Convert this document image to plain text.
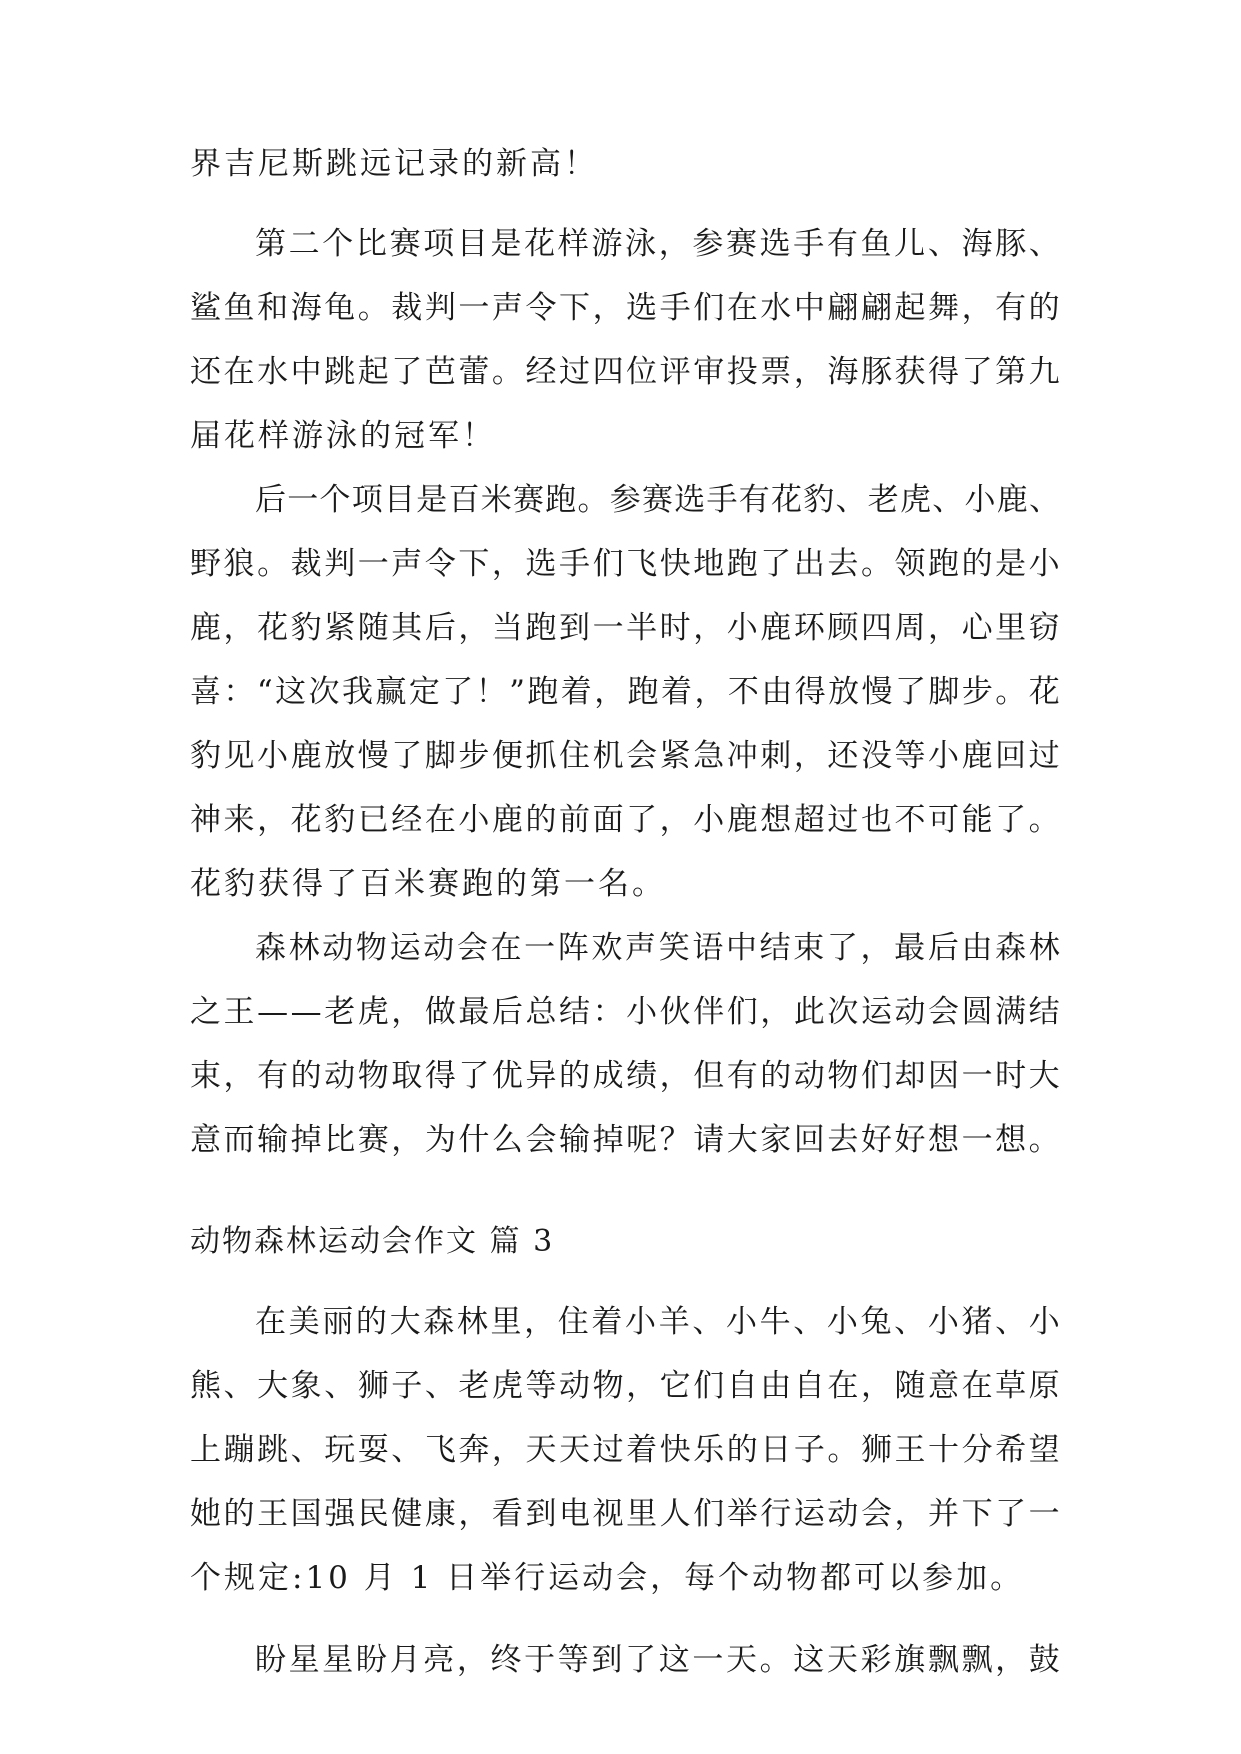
界吉尼斯跳远记录的新高！
第 二 个 比 赛 项 目 是 花 样 游 泳 ， 参 赛 选 手 有 鱼 儿 、 海 豚 、
鲨 鱼 和 海 龟 。 裁 判 一 声 令 下 ， 选 手 们 在 水 中 翩 翩 起 舞 ， 有 的
还 在 水 中 跳 起 了 芭 蕾 。 经 过 四 位 评 审 投 票 ， 海 豚 获 得 了 第 九
届花样游泳的冠军！
后 一 个 项 目 是 百 米 赛 跑 。 参 赛 选 手 有 花 豹 、 老 虎 、 小 鹿 、
野 狼 。 裁 判 一 声 令 下 ， 选 手 们 飞 快 地 跑 了 出 去 。 领 跑 的 是 小
鹿 ， 花 豹 紧 随 其 后 ， 当 跑 到 一 半 时 ， 小 鹿 环 顾 四 周 ， 心 里 窃
喜 ： “ 这 次 我 赢 定 了 ！ ” 跑 着 ， 跑 着 ， 不 由 得 放 慢 了 脚 步 。 花
豹 见 小 鹿 放 慢 了 脚 步 便 抓 住 机 会 紧 急 冲 刺 ， 还 没 等 小 鹿 回 过
神 来 ， 花 豹 已 经 在 小 鹿 的 前 面 了 ， 小 鹿 想 超 过 也 不 可 能 了 。
花豹获得了百米赛跑的第一名。
森 林 动 物 运 动 会 在 一 阵 欢 声 笑 语 中 结 束 了 ， 最 后 由 森 林
之 王 — — 老 虎 ， 做 最 后 总 结 ： 小 伙 伴 们 ， 此 次 运 动 会 圆 满 结
束 ， 有 的 动 物 取 得 了 优 异 的 成 绩 ， 但 有 的 动 物 们 却 因 一 时 大
意 而 输 掉 比 赛 ， 为 什 么 会 输 掉 呢 ？ 请 大 家 回 去 好 好 想 一 想 。
动物森林运动会作文 篇 3
在 美 丽 的 大 森 林 里 ， 住 着 小 羊 、 小 牛 、 小 兔 、 小 猪 、 小
熊 、 大 象 、 狮 子 、 老 虎 等 动 物 ， 它 们 自 由 自 在 ， 随 意 在 草 原
上 蹦 跳 、 玩 耍 、 飞 奔 ， 天 天 过 着 快 乐 的 日 子 。 狮 王 十 分 希 望
她 的 王 国 强 民 健 康 ， 看 到 电 视 里 人 们 举 行 运 动 会 ， 并 下 了 一
个规定:10 月 1 日举行运动会，每个动物都可以参加。
盼 星 星 盼 月 亮 ， 终 于 等 到 了 这 一 天 。 这 天 彩 旗 飘 飘 ， 鼓
